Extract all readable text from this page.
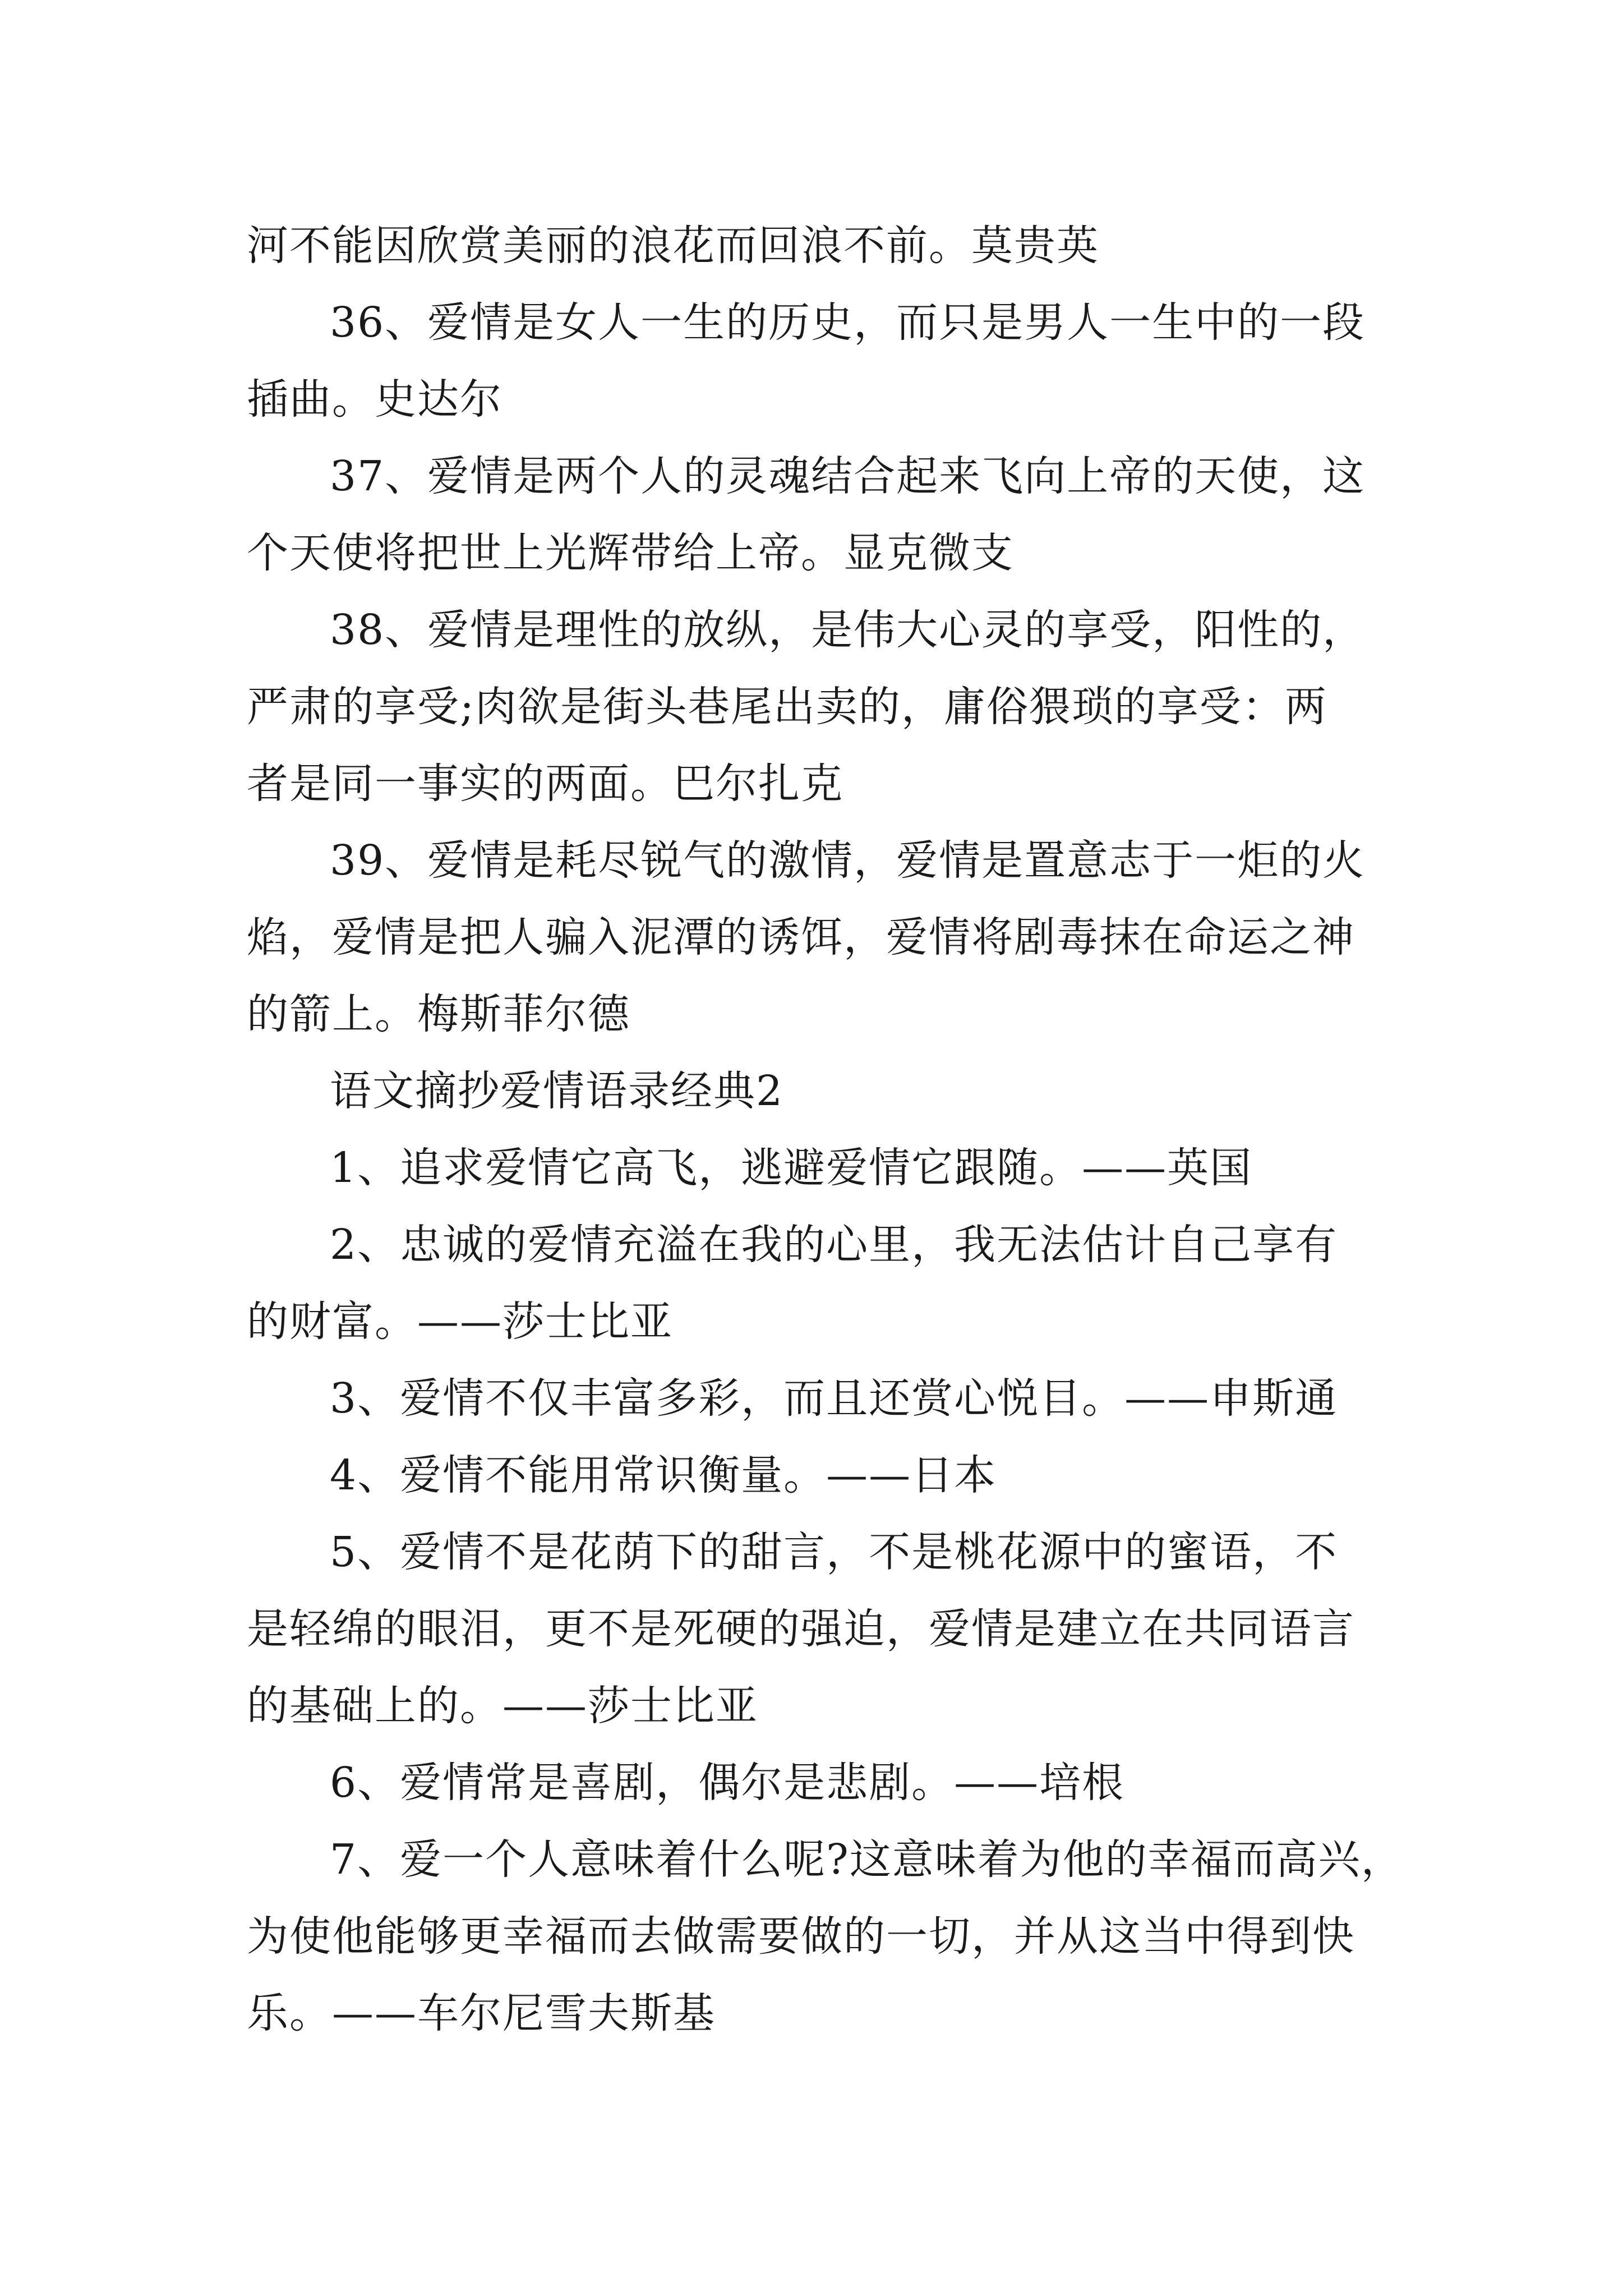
河不能因欣赏美丽的浪花而回浪不前。莫贵英
36、爱情是女人一生的历史，而只是男人一生中的一段
插曲。史达尔
37、爱情是两个人的灵魂结合起来飞向上帝的天使，这
个天使将把世上光辉带给上帝。显克微支
38、爱情是理性的放纵，是伟大心灵的享受，阳性的，
严肃的享受;肉欲是街头巷尾出卖的，庸俗猥琐的享受：两
者是同一事实的两面。巴尔扎克
39、爱情是耗尽锐气的激情，爱情是置意志于一炬的火
焰，爱情是把人骗入泥潭的诱饵，爱情将剧毒抹在命运之神
的箭上。梅斯菲尔德
语文摘抄爱情语录经典2
1、追求爱情它高飞，逃避爱情它跟随。——英国
2、忠诚的爱情充溢在我的心里，我无法估计自己享有
的财富。——莎士比亚
3、爱情不仅丰富多彩，而且还赏心悦目。——申斯通
4、爱情不能用常识衡量。——日本
5、爱情不是花荫下的甜言，不是桃花源中的蜜语，不
是轻绵的眼泪，更不是死硬的强迫，爱情是建立在共同语言
的基础上的。——莎士比亚
6、爱情常是喜剧，偶尔是悲剧。——培根
7、爱一个人意味着什么呢?这意味着为他的幸福而高兴，
为使他能够更幸福而去做需要做的一切，并从这当中得到快
乐。——车尔尼雪夫斯基
